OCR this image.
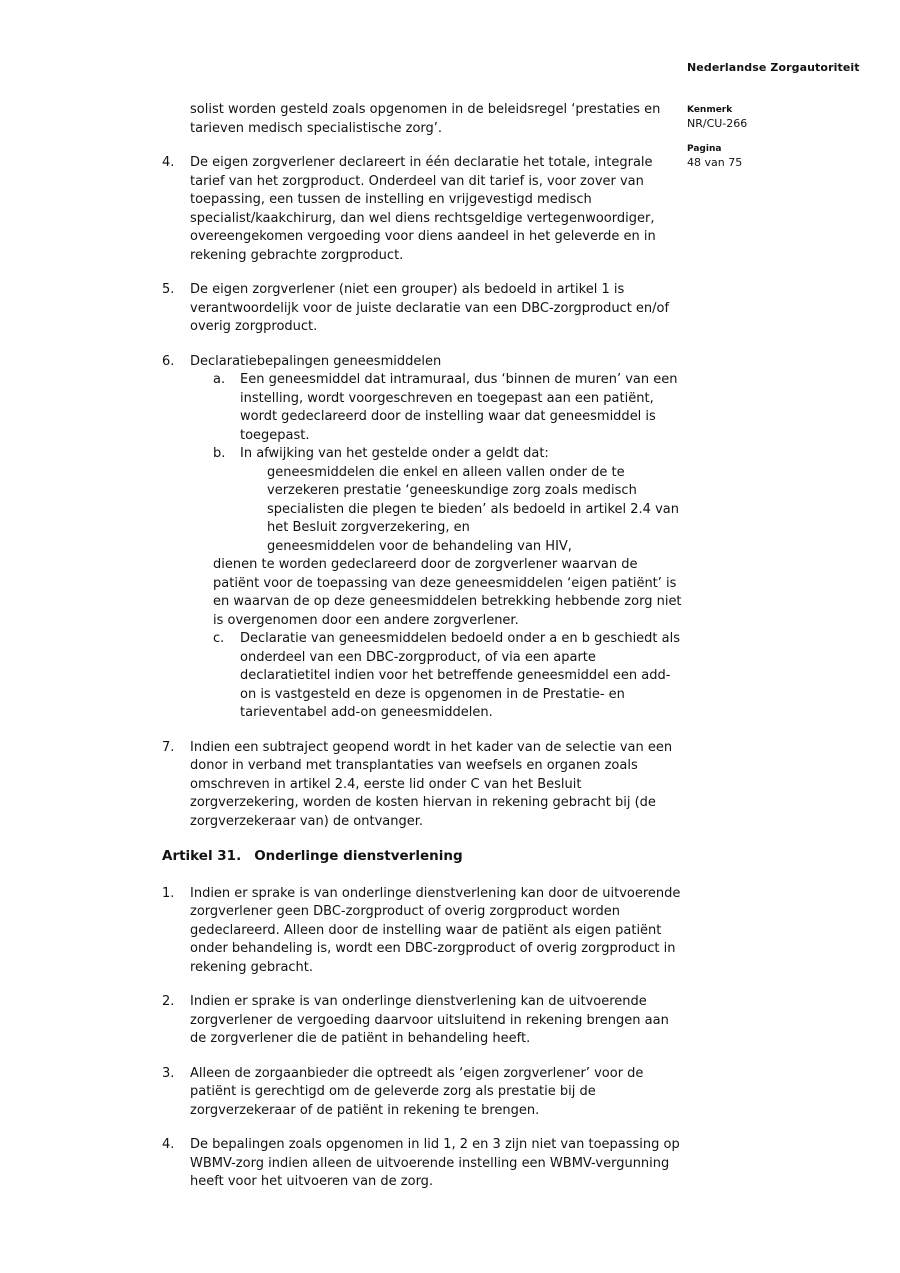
Nederlandse Zorgautoriteit
Kenmerk
NR/CU-266
Pagina
48 van 75

solist worden gesteld zoals opgenomen in de beleidsregel ‘prestaties en tarieven medisch specialistische zorg’.

4.	De eigen zorgverlener declareert in één declaratie het totale, integrale tarief van het zorgproduct. Onderdeel van dit tarief is, voor zover van toepassing, een tussen de instelling en vrijgevestigd medisch specialist/kaakchirurg, dan wel diens rechtsgeldige vertegenwoordiger, overeengekomen vergoeding voor diens aandeel in het geleverde en in rekening gebrachte zorgproduct.
5.	De eigen zorgverlener (niet een grouper) als bedoeld in artikel 1 is verantwoordelijk voor de juiste declaratie van een DBC-zorgproduct en/of overig zorgproduct.
6.	Declaratiebepalingen geneesmiddelen
a.	Een geneesmiddel dat intramuraal, dus ‘binnen de muren’ van een instelling, wordt voorgeschreven en toegepast aan een patiënt, wordt gedeclareerd door de instelling waar dat geneesmiddel is toegepast.
b.	In afwijking van het gestelde onder a geldt dat:
geneesmiddelen die enkel en alleen vallen onder de te verzekeren prestatie ‘geneeskundige zorg zoals medisch specialisten die plegen te bieden’ als bedoeld in artikel 2.4 van het Besluit zorgverzekering, en
geneesmiddelen voor de behandeling van HIV,
dienen te worden gedeclareerd door de zorgverlener waarvan de patiënt voor de toepassing van deze geneesmiddelen ‘eigen patiënt’ is en waarvan de op deze geneesmiddelen betrekking hebbende zorg niet is overgenomen door een andere zorgverlener.
c.	Declaratie van geneesmiddelen bedoeld onder a en b geschiedt als onderdeel van een DBC-zorgproduct, of via een aparte declaratietitel indien voor het betreffende geneesmiddel een add-on is vastgesteld en deze is opgenomen in de Prestatie- en tarieventabel add-on geneesmiddelen.
7.	Indien een subtraject geopend wordt in het kader van de selectie van een donor in verband met transplantaties van weefsels en organen zoals omschreven in artikel 2.4, eerste lid onder C van het Besluit zorgverzekering, worden de kosten hiervan in rekening gebracht bij (de zorgverzekeraar van) de ontvanger.
Artikel 31. Onderlinge dienstverlening
1.	Indien er sprake is van onderlinge dienstverlening kan door de uitvoerende zorgverlener geen DBC-zorgproduct of overig zorgproduct worden gedeclareerd. Alleen door de instelling waar de patiënt als eigen patiënt onder behandeling is, wordt een DBC-zorgproduct of overig zorgproduct in rekening gebracht.
2.	Indien er sprake is van onderlinge dienstverlening kan de uitvoerende zorgverlener de vergoeding daarvoor uitsluitend in rekening brengen aan de zorgverlener die de patiënt in behandeling heeft.
3.	Alleen de zorgaanbieder die optreedt als ‘eigen zorgverlener’ voor de patiënt is gerechtigd om de geleverde zorg als prestatie bij de zorgverzekeraar of de patiënt in rekening te brengen.
4.	De bepalingen zoals opgenomen in lid 1, 2 en 3 zijn niet van toepassing op WBMV-zorg indien alleen de uitvoerende instelling een WBMV-vergunning heeft voor het uitvoeren van de zorg.
